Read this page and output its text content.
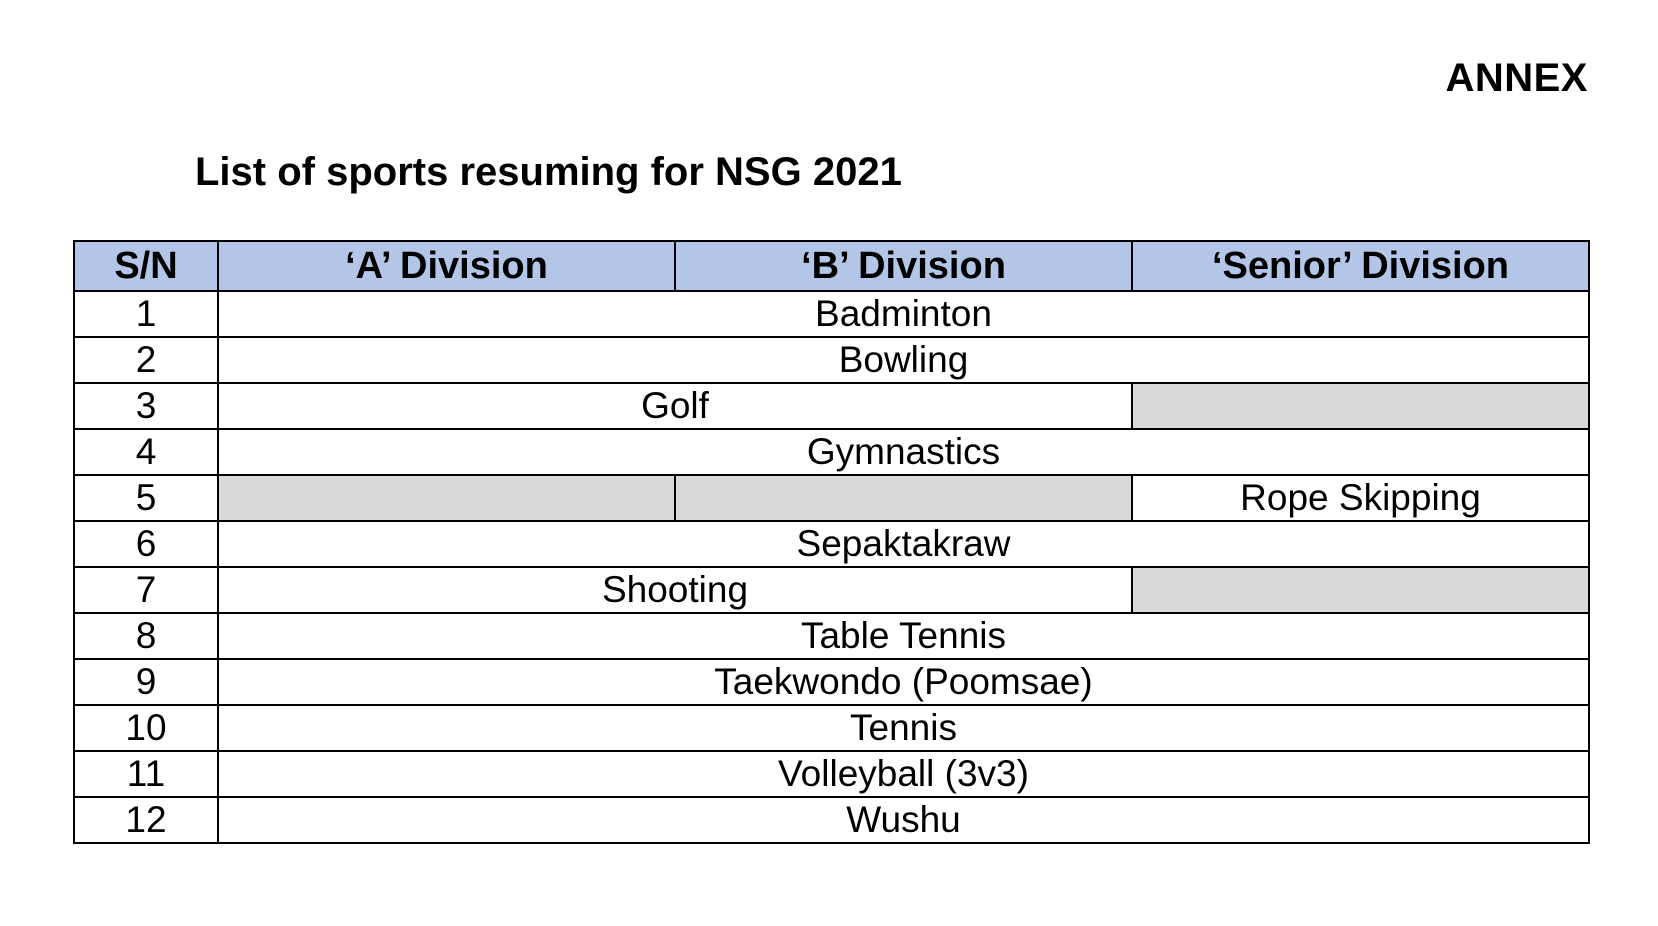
ANNEX
List of sports resuming for NSG 2021
S/N	‘A’ Division	‘B’ Division	‘Senior’ Division
1	Badminton		
2	Bowling		
3	Golf		
4	Gymnastics		
5			Rope Skipping
6	Sepaktakraw		
7	Shooting		
8	Table Tennis		
9	Taekwondo (Poomsae)		
10	Tennis		
11	Volleyball (3v3)		
12	Wushu		
